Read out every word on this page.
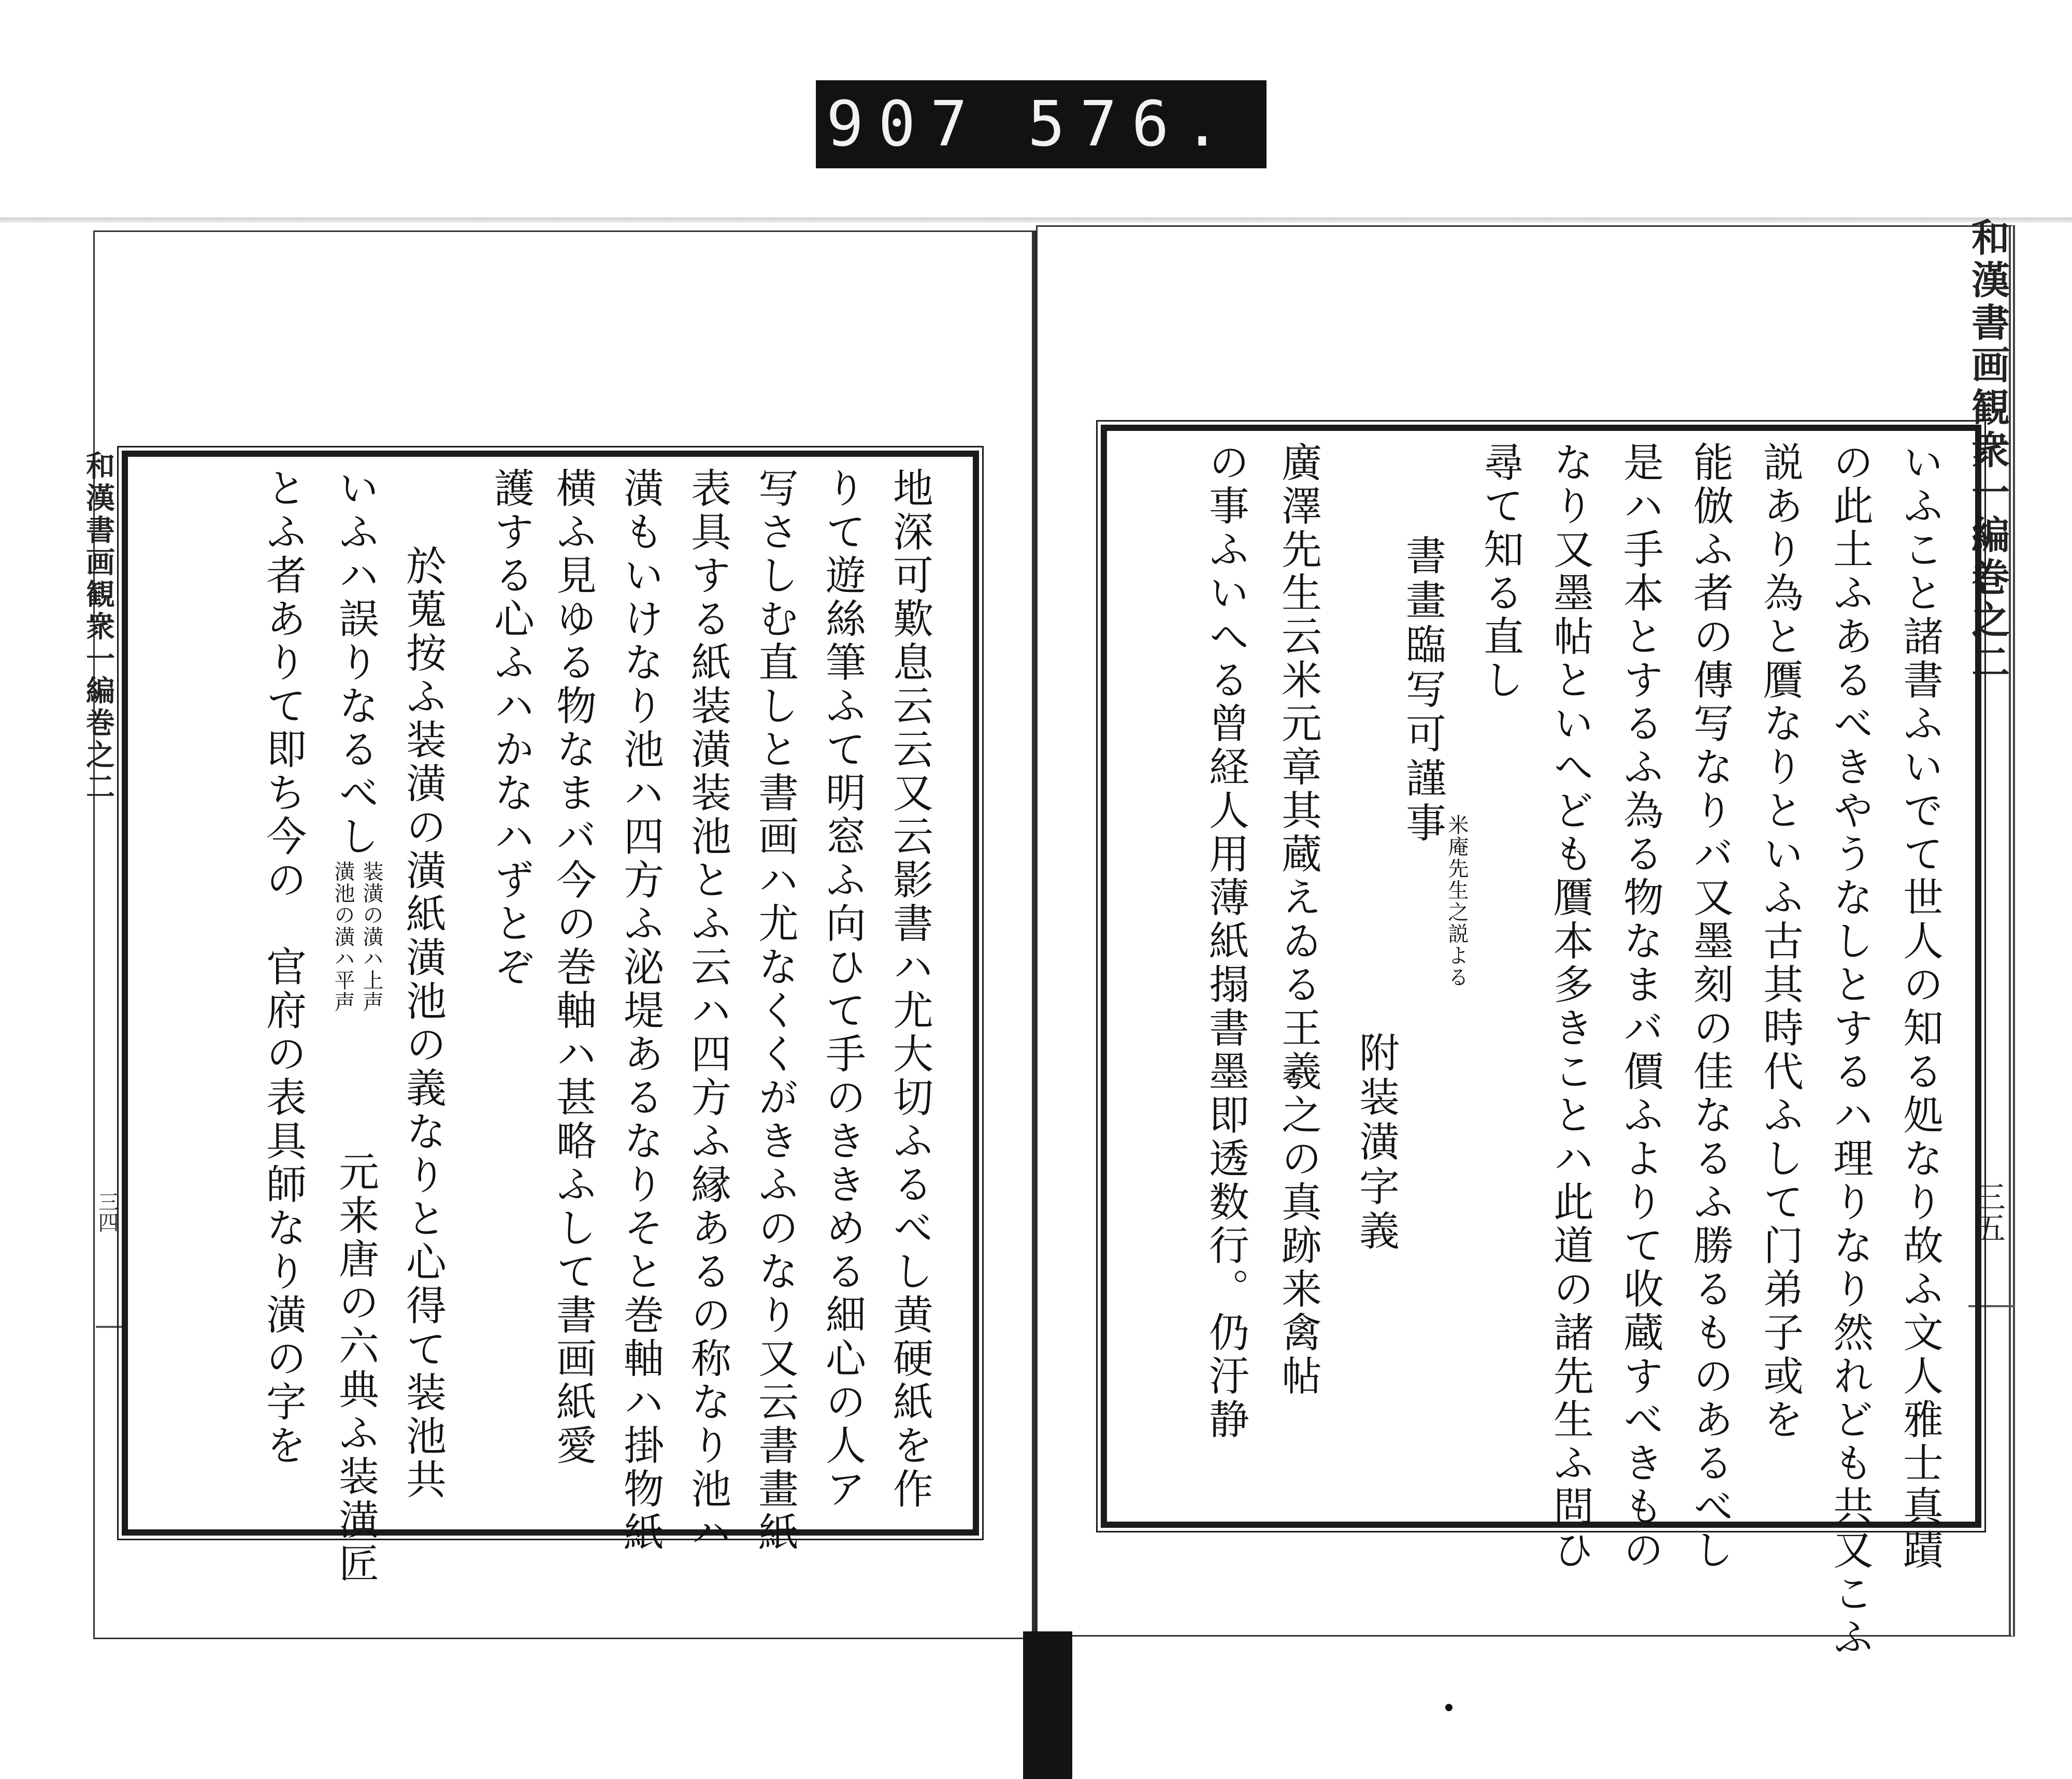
907 576.
和漢書画観衆一編巻之二
三四
和漢書画観衆一編巻之二
三五
地深可歎息云云又云影書ハ尤大切ふるべし黄硬紙を作
りて遊絲筆ふて明窓ふ向ひて手のききめる細心の人ア
写さしむ直しと書画ハ尤なくくがきふのなり又云書畫紙
表具する紙装潢装池とふ云ハ四方ふ縁あるの称なり池ハ
潢もいけなり池ハ四方ふ泌堤あるなりそと巻軸ハ掛物紙
横ふ見ゆる物なまバ今の巻軸ハ甚略ふして書画紙愛
護する心ふハかなハずとぞ
於蒐按ふ装潢の潢紙潢池の義なりと心得て装池共
いふハ誤りなるべし
装潢の潢ハ上声
潢池の潢ハ平声
元来唐の六典ふ装潢匠
とふ者ありて即ち今の　官府の表具師なり潢の字を	いふこと諸書ふいでて世人の知る処なり故ふ文人雅士真蹟
の此土ふあるべきやうなしとするハ理りなり然れども共又こふ
説あり為と贋なりといふ古其時代ふして门弟子或を
能倣ふ者の傳写なりバ又墨刻の佳なるふ勝るものあるべし
是ハ手本とするふ為る物なまバ價ふよりて收蔵すべきもの
なり又墨帖といへども贋本多きことハ此道の諸先生ふ問ひ
尋て知る直し
米庵先生之説よる
書畫臨写可謹事
附装潢字義
廣澤先生云米元章其蔵えゐる王羲之の真跡来禽帖
の事ふいへる曾経人用薄紙搨書墨即透数行。仍汙静
